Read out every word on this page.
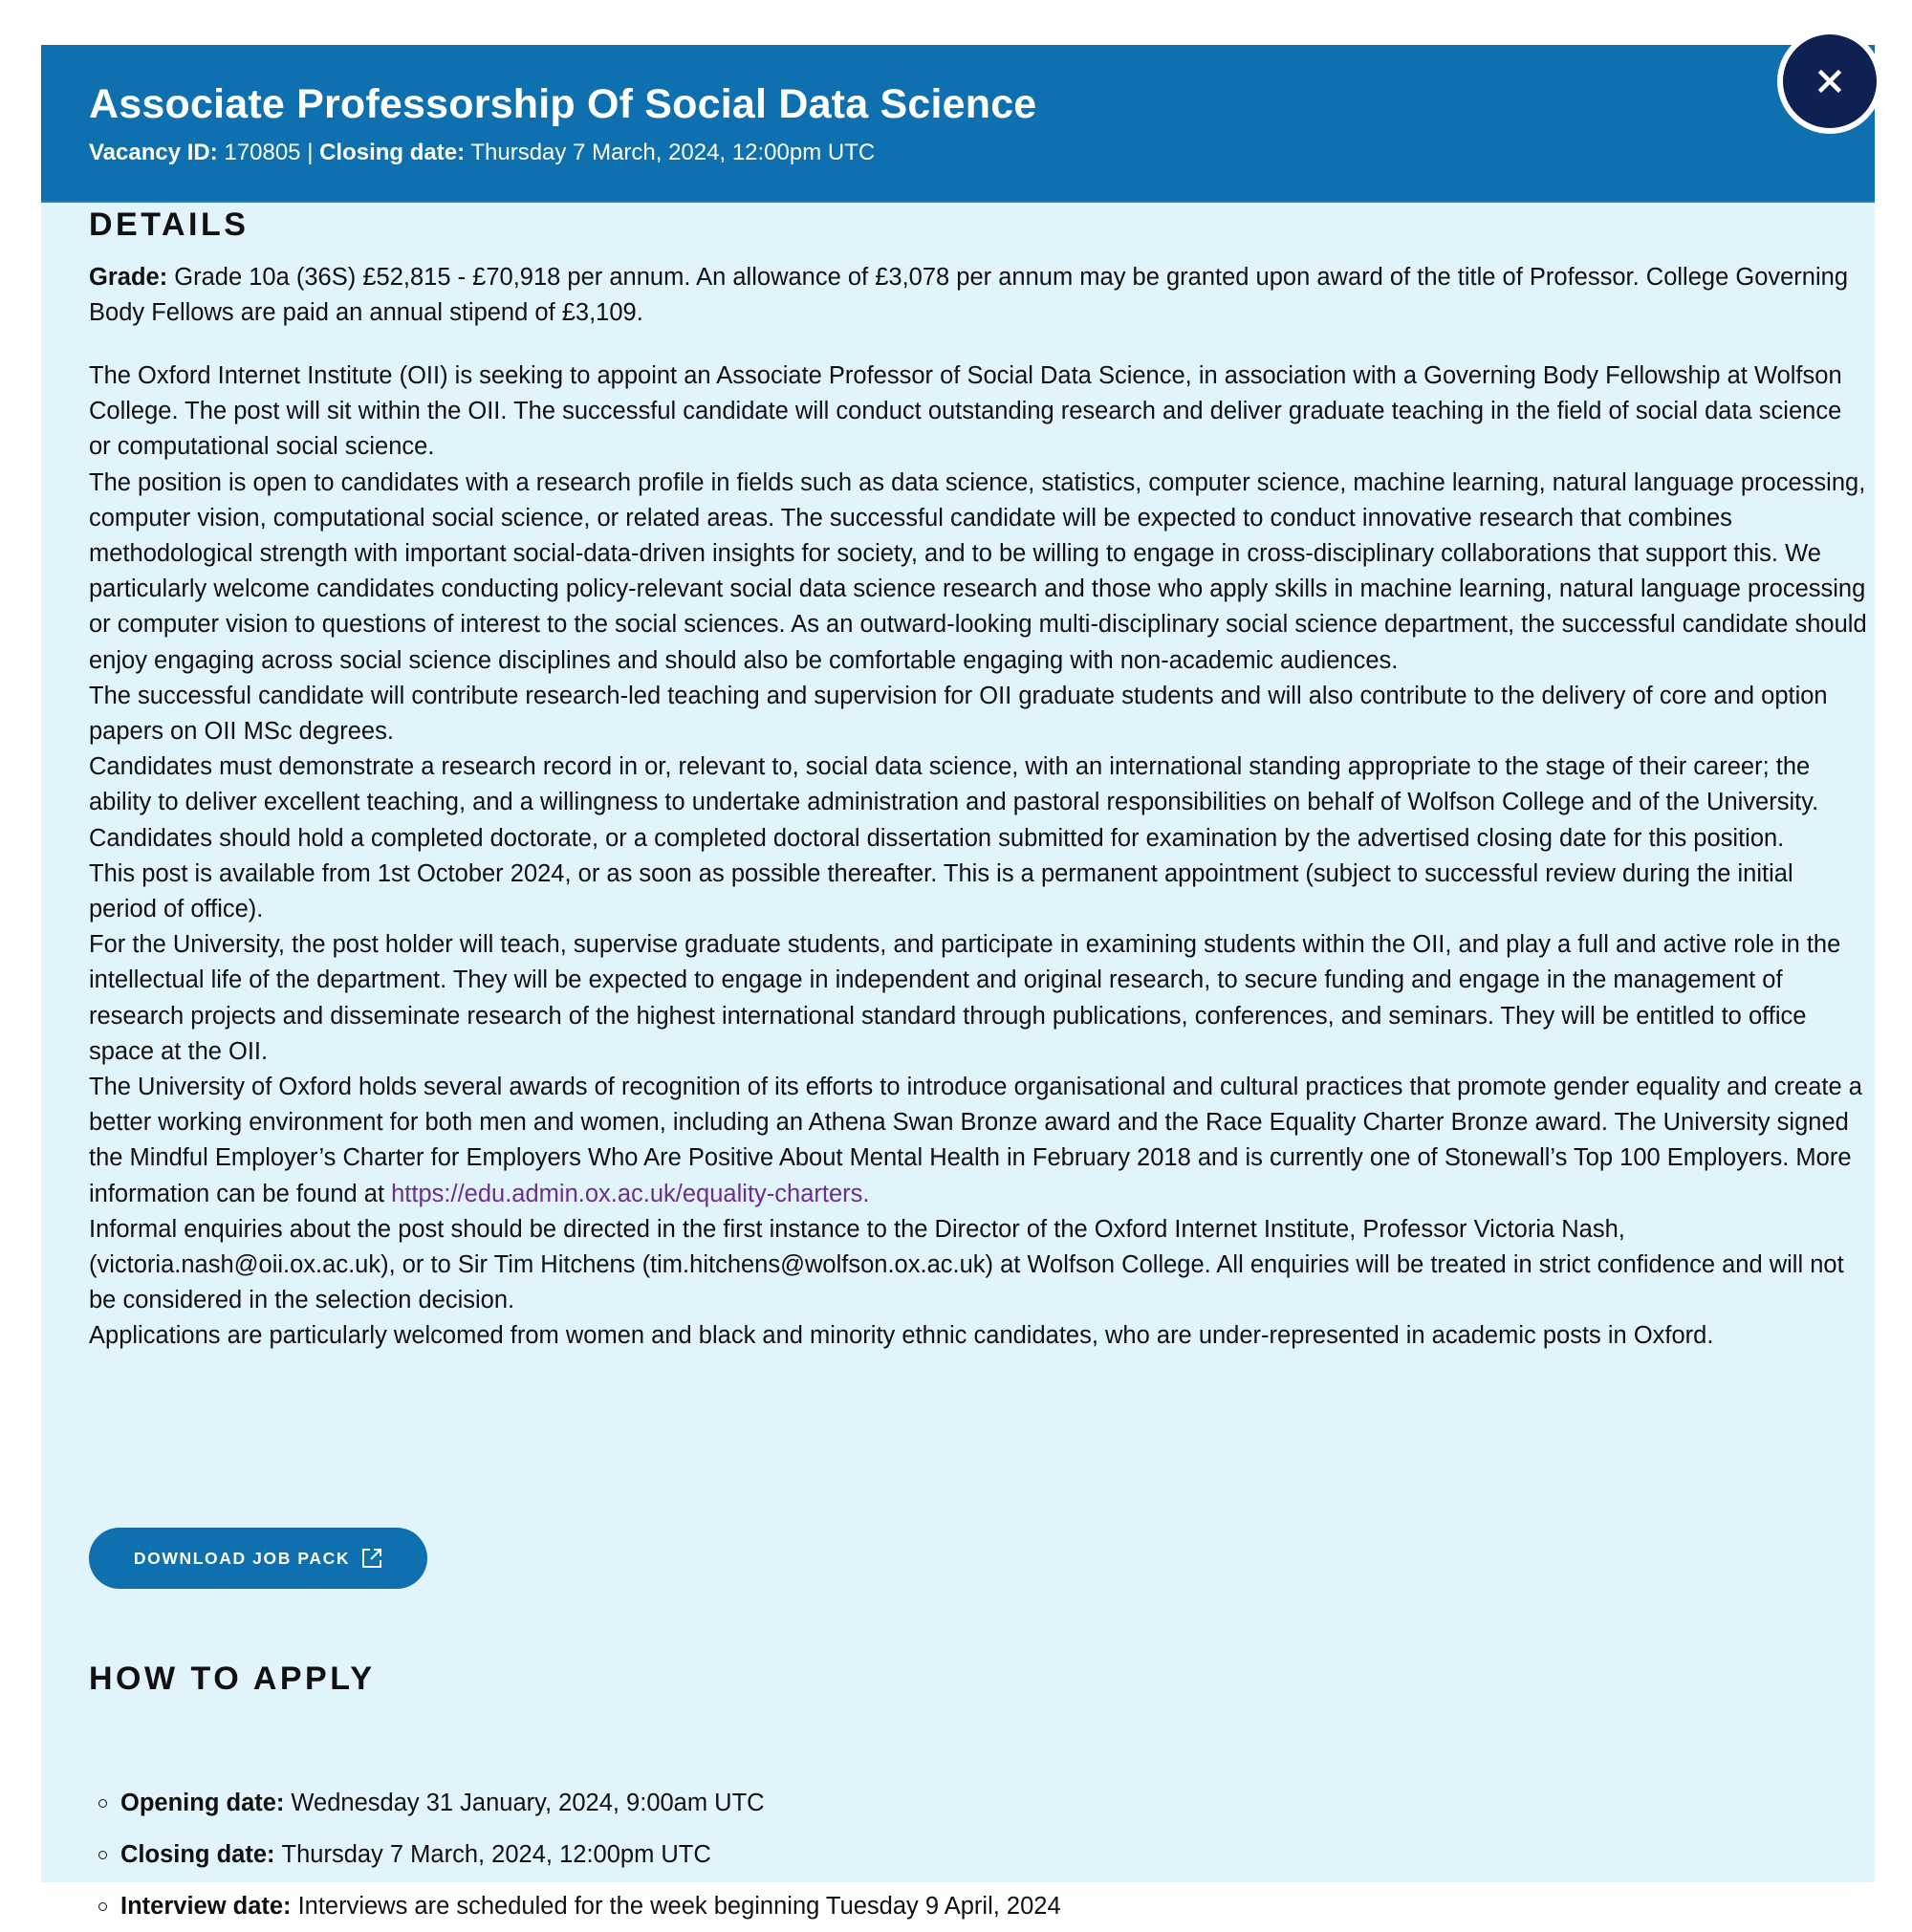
Associate Professorship Of Social Data Science
Vacancy ID: 170805 | Closing date: Thursday 7 March, 2024, 12:00pm UTC
DETAILS

Grade: Grade 10a (36S) £52,815 - £70,918 per annum. An allowance of £3,078 per annum may be granted upon award of the title of Professor. College Governing Body Fellows are paid an annual stipend of £3,109.

The Oxford Internet Institute (OII) is seeking to appoint an Associate Professor of Social Data Science, in association with a Governing Body Fellowship at Wolfson College. The post will sit within the OII. The successful candidate will conduct outstanding research and deliver graduate teaching in the field of social data science or computational social science.

The position is open to candidates with a research profile in fields such as data science, statistics, computer science, machine learning, natural language processing, computer vision, computational social science, or related areas. The successful candidate will be expected to conduct innovative research that combines methodological strength with important social-data-driven insights for society, and to be willing to engage in cross-disciplinary collaborations that support this. We particularly welcome candidates conducting policy-relevant social data science research and those who apply skills in machine learning, natural language processing or computer vision to questions of interest to the social sciences. As an outward-looking multi-disciplinary social science department, the successful candidate should enjoy engaging across social science disciplines and should also be comfortable engaging with non-academic audiences.

The successful candidate will contribute research-led teaching and supervision for OII graduate students and will also contribute to the delivery of core and option papers on OII MSc degrees.

Candidates must demonstrate a research record in or, relevant to, social data science, with an international standing appropriate to the stage of their career; the ability to deliver excellent teaching, and a willingness to undertake administration and pastoral responsibilities on behalf of Wolfson College and of the University. Candidates should hold a completed doctorate, or a completed doctoral dissertation submitted for examination by the advertised closing date for this position.

This post is available from 1st October 2024, or as soon as possible thereafter. This is a permanent appointment (subject to successful review during the initial period of office).

For the University, the post holder will teach, supervise graduate students, and participate in examining students within the OII, and play a full and active role in the intellectual life of the department. They will be expected to engage in independent and original research, to secure funding and engage in the management of research projects and disseminate research of the highest international standard through publications, conferences, and seminars. They will be entitled to office space at the OII.

The University of Oxford holds several awards of recognition of its efforts to introduce organisational and cultural practices that promote gender equality and create a better working environment for both men and women, including an Athena Swan Bronze award and the Race Equality Charter Bronze award. The University signed the Mindful Employer’s Charter for Employers Who Are Positive About Mental Health in February 2018 and is currently one of Stonewall’s Top 100 Employers. More information can be found at https://edu.admin.ox.ac.uk/equality-charters.

Informal enquiries about the post should be directed in the first instance to the Director of the Oxford Internet Institute, Professor Victoria Nash, (victoria.nash@oii.ox.ac.uk), or to Sir Tim Hitchens (tim.hitchens@wolfson.ox.ac.uk) at Wolfson College. All enquiries will be treated in strict confidence and will not be considered in the selection decision.

Applications are particularly welcomed from women and black and minority ethnic candidates, who are under-represented in academic posts in Oxford.

DOWNLOAD JOB PACK
HOW TO APPLY
Opening date: Wednesday 31 January, 2024, 9:00am UTC
Closing date: Thursday 7 March, 2024, 12:00pm UTC
Interview date: Interviews are scheduled for the week beginning Tuesday 9 April, 2024
